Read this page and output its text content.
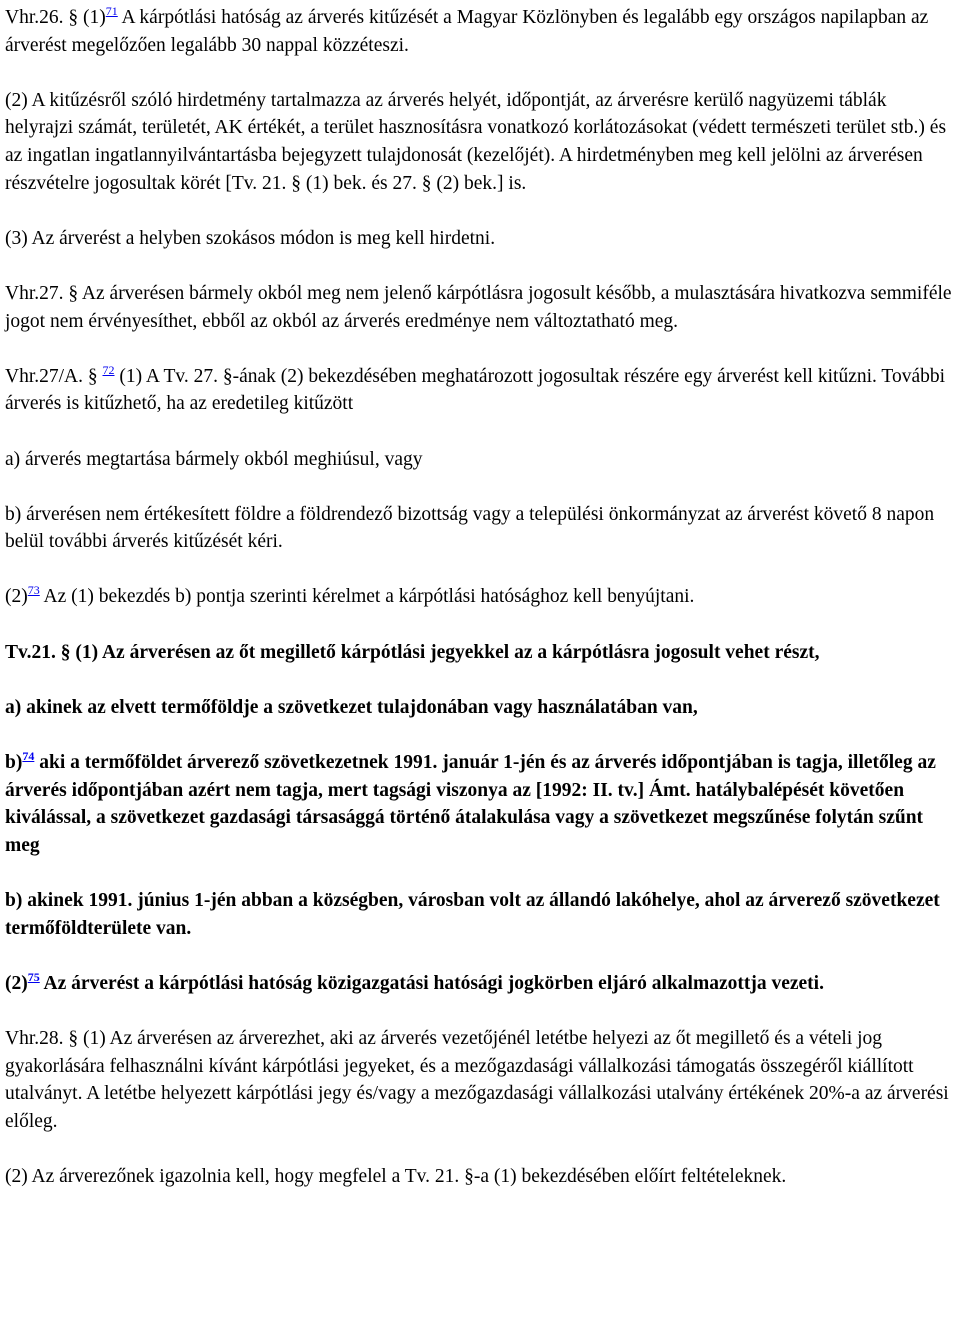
Vhr.26. § (1)$^{71}$ A kárpótlási hatóság az árverés kitűzését a Magyar Közlönyben és legalább egy országos napilapban az árverést megelőzően legalább 30 nappal közzéteszi.

(2) A kitűzésről szóló hirdetmény tartalmazza az árverés helyét, időpontját, az árverésre kerülő nagyüzemi táblák helyrajzi számát, területét, AK értékét, a terület hasznosításra vonatkozó korlátozásokat (védett természeti terület stb.) és az ingatlan ingatlannyilvántartásba bejegyzett tulajdonosát (kezelőjét). A hirdetményben meg kell jelölni az árverésen részvételre jogosultak körét [Tv. 21. § (1) bek. és 27. § (2) bek.] is.

(3) Az árverést a helyben szokásos módon is meg kell hirdetni.

Vhr.27. § Az árverésen bármely okból meg nem jelenő kárpótlásra jogosult később, a mulasztására hivatkozva semmiféle jogot nem érvényesíthet, ebből az okból az árverés eredménye nem változtatható meg.

Vhr.27/A. § $^{72}$ (1) A Tv. 27. §-ának (2) bekezdésében meghatározott jogosultak részére egy árverést kell kitűzni. További árverés is kitűzhető, ha az eredetileg kitűzött

a) árverés megtartása bármely okból meghiúsul, vagy

b) árverésen nem értékesített földre a földrendező bizottság vagy a települési önkormányzat az árverést követő 8 napon belül további árverés kitűzését kéri.

(2)$^{73}$ Az (1) bekezdés b) pontja szerinti kérelmet a kárpótlási hatósághoz kell benyújtani.

Tv.21. § (1) Az árverésen az őt megillető kárpótlási jegyekkel az a kárpótlásra jogosult vehet részt,

a) akinek az elvett termőföldje a szövetkezet tulajdonában vagy használatában van,

b)$^{74}$ aki a termőföldet árverező szövetkezetnek 1991. január 1-jén és az árverés időpontjában is tagja, illetőleg az árverés időpontjában azért nem tagja, mert tagsági viszonya az [1992: II. tv.] Ámt. hatálybalépését követően kiválással, a szövetkezet gazdasági társasággá történő átalakulása vagy a szövetkezet megszűnése folytán szűnt meg

b) akinek 1991. június 1-jén abban a községben, városban volt az állandó lakóhelye, ahol az árverező szövetkezet termőföldterülete van.

(2)$^{75}$ Az árverést a kárpótlási hatóság közigazgatási hatósági jogkörben eljáró alkalmazottja vezeti.

Vhr.28. § (1) Az árverésen az árverezhet, aki az árverés vezetőjénél letétbe helyezi az őt megillető és a vételi jog gyakorlására felhasználni kívánt kárpótlási jegyeket, és a mezőgazdasági vállalkozási támogatás összegéről kiállított utalványt. A letétbe helyezett kárpótlási jegy és/vagy a mezőgazdasági vállalkozási utalvány értékének 20%-a az árverési előleg.

(2) Az árverezőnek igazolnia kell, hogy megfelel a Tv. 21. §-a (1) bekezdésében előírt feltételeknek.
